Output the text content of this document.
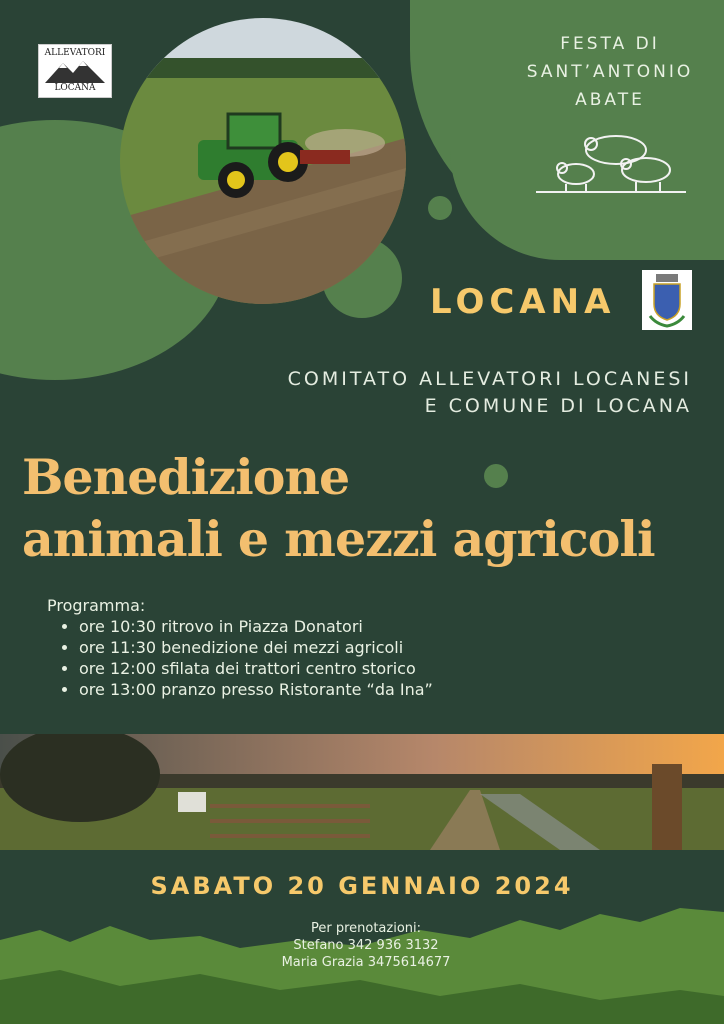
ALLEVATORI
LOCANA
FESTA DI
SANT’ANTONIO
ABATE
LOCANA
COMITATO ALLEVATORI LOCANESI
E COMUNE DI LOCANA
Benedizione
animali e mezzi agricoli
Programma:
• ore 10:30 ritrovo in Piazza Donatori
• ore 11:30 benedizione dei mezzi agricoli
• ore 12:00 sfilata dei trattori centro storico
• ore 13:00 pranzo presso Ristorante “da Ina”
SABATO 20 GENNAIO 2024
Per prenotazioni:
Stefano 342 936 3132
Maria Grazia 3475614677
